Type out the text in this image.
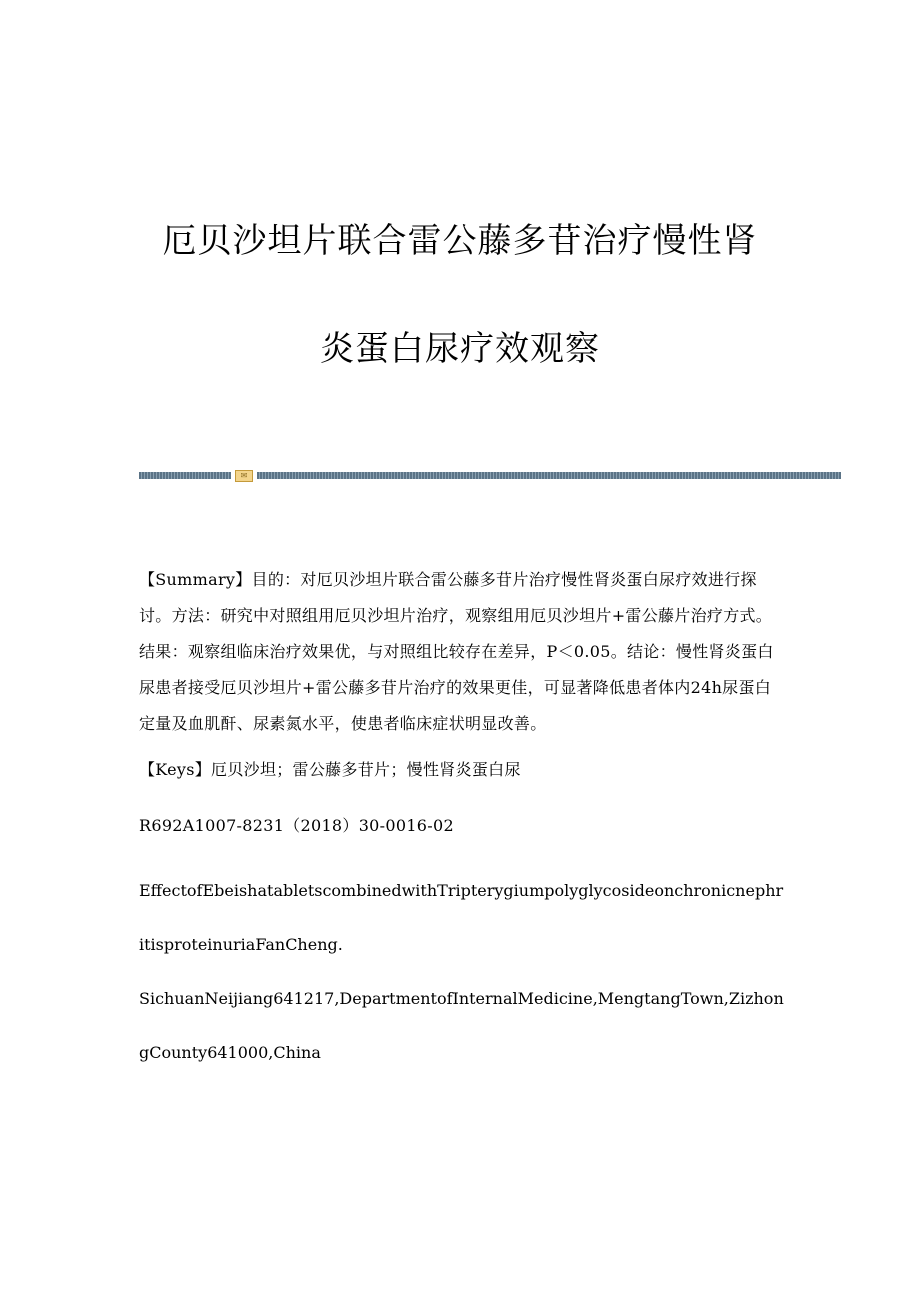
厄贝沙坦片联合雷公藤多苷治疗慢性肾
炎蛋白尿疗效观察
✉

【Summary】目的：对厄贝沙坦片联合雷公藤多苷片治疗慢性肾炎蛋白尿疗效进行探讨。方法：研究中对照组用厄贝沙坦片治疗，观察组用厄贝沙坦片+雷公藤片治疗方式。结果：观察组临床治疗效果优，与对照组比较存在差异，P＜0.05。结论：慢性肾炎蛋白尿患者接受厄贝沙坦片+雷公藤多苷片治疗的效果更佳，可显著降低患者体内24h尿蛋白定量及血肌酐、尿素氮水平，使患者临床症状明显改善。

【Keys】厄贝沙坦；雷公藤多苷片；慢性肾炎蛋白尿

R692A1007-8231（2018）30-0016-02

EffectofEbeishatabletscombinedwithTripterygiumpolyglycosideonchronicnephritisproteinuriaFanCheng.

SichuanNeijiang641217,DepartmentofInternalMedicine,MengtangTown,ZizhongCounty641000,China
